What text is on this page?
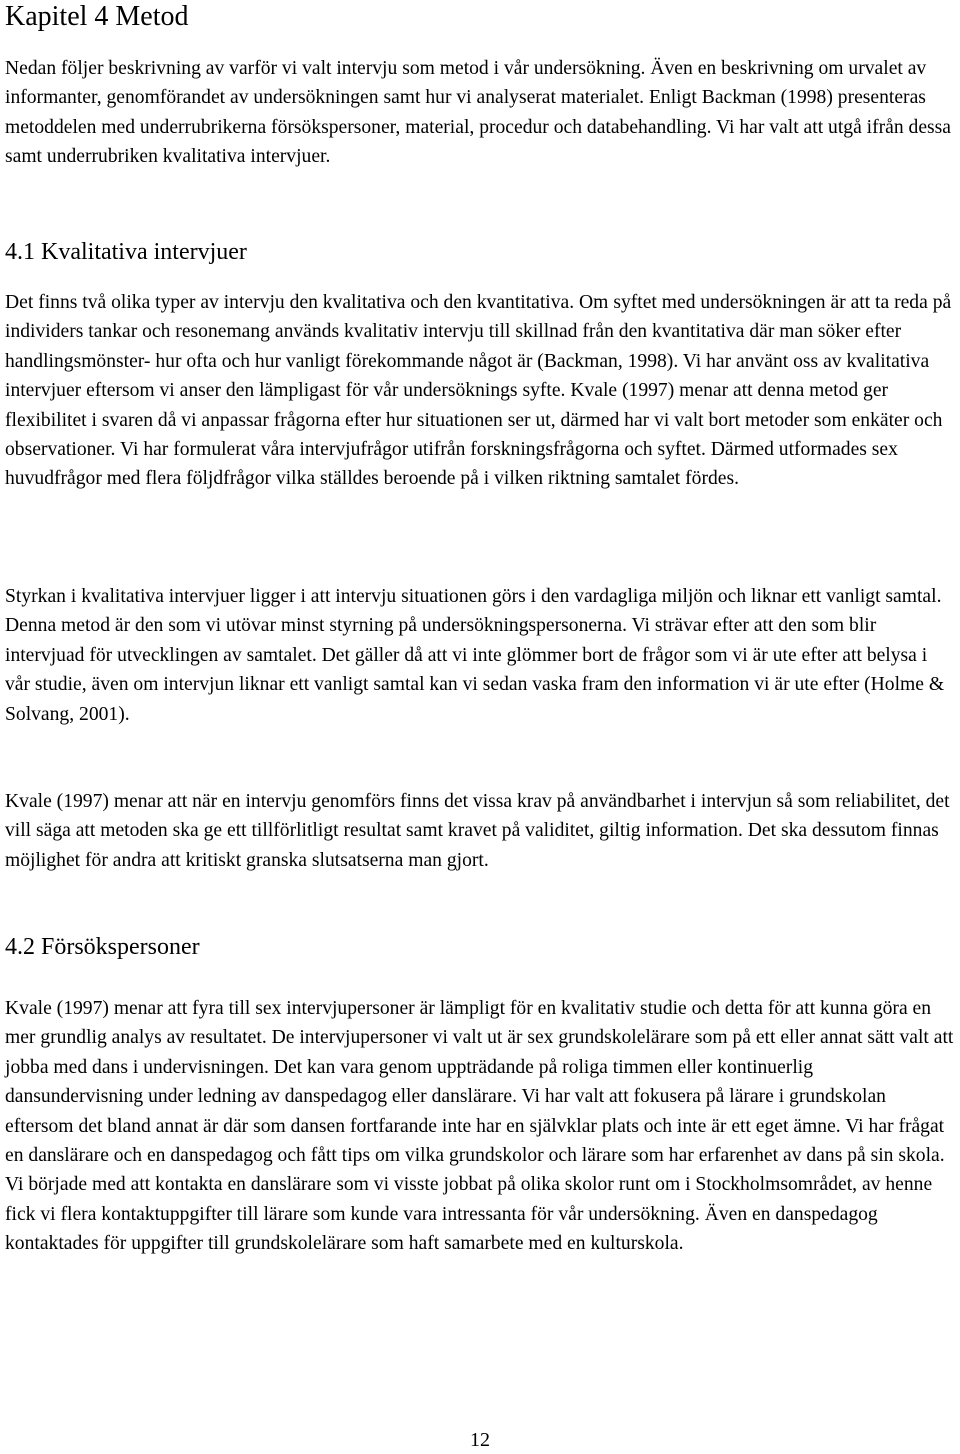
Kapitel 4 Metod

Nedan följer beskrivning av varför vi valt intervju som metod i vår undersökning. Även en beskrivning om urvalet av informanter, genomförandet av undersökningen samt hur vi analyserat materialet. Enligt Backman (1998) presenteras metoddelen med underrubrikerna försökspersoner, material, procedur och databehandling. Vi har valt att utgå ifrån dessa samt underrubriken kvalitativa intervjuer.

4.1 Kvalitativa intervjuer

Det finns två olika typer av intervju den kvalitativa och den kvantitativa. Om syftet med undersökningen är att ta reda på individers tankar och resonemang används kvalitativ intervju till skillnad från den kvantitativa där man söker efter handlingsmönster- hur ofta och hur vanligt förekommande något är (Backman, 1998). Vi har använt oss av kvalitativa intervjuer eftersom vi anser den lämpligast för vår undersöknings syfte. Kvale (1997) menar att denna metod ger flexibilitet i svaren då vi anpassar frågorna efter hur situationen ser ut, därmed har vi valt bort metoder som enkäter och observationer. Vi har formulerat våra intervjufrågor utifrån forskningsfrågorna och syftet. Därmed utformades sex huvudfrågor med flera följdfrågor vilka ställdes beroende på i vilken riktning samtalet fördes.

Styrkan i kvalitativa intervjuer ligger i att intervju situationen görs i den vardagliga miljön och liknar ett vanligt samtal. Denna metod är den som vi utövar minst styrning på undersökningspersonerna. Vi strävar efter att den som blir intervjuad för utvecklingen av samtalet. Det gäller då att vi inte glömmer bort de frågor som vi är ute efter att belysa i vår studie, även om intervjun liknar ett vanligt samtal kan vi sedan vaska fram den information vi är ute efter (Holme & Solvang, 2001).

Kvale (1997) menar att när en intervju genomförs finns det vissa krav på användbarhet i intervjun så som reliabilitet, det vill säga att metoden ska ge ett tillförlitligt resultat samt kravet på validitet, giltig information. Det ska dessutom finnas möjlighet för andra att kritiskt granska slutsatserna man gjort.

4.2 Försökspersoner

Kvale (1997) menar att fyra till sex intervjupersoner är lämpligt för en kvalitativ studie och detta för att kunna göra en mer grundlig analys av resultatet. De intervjupersoner vi valt ut är sex grundskolelärare som på ett eller annat sätt valt att jobba med dans i undervisningen. Det kan vara genom uppträdande på roliga timmen eller kontinuerlig dansundervisning under ledning av danspedagog eller danslärare. Vi har valt att fokusera på lärare i grundskolan eftersom det bland annat är där som dansen fortfarande inte har en självklar plats och inte är ett eget ämne. Vi har frågat en danslärare och en danspedagog och fått tips om vilka grundskolor och lärare som har erfarenhet av dans på sin skola. Vi började med att kontakta en danslärare som vi visste jobbat på olika skolor runt om i Stockholmsområdet, av henne fick vi flera kontaktuppgifter till lärare som kunde vara intressanta för vår undersökning. Även en danspedagog kontaktades för uppgifter till grundskolelärare som haft samarbete med en kulturskola.

12
